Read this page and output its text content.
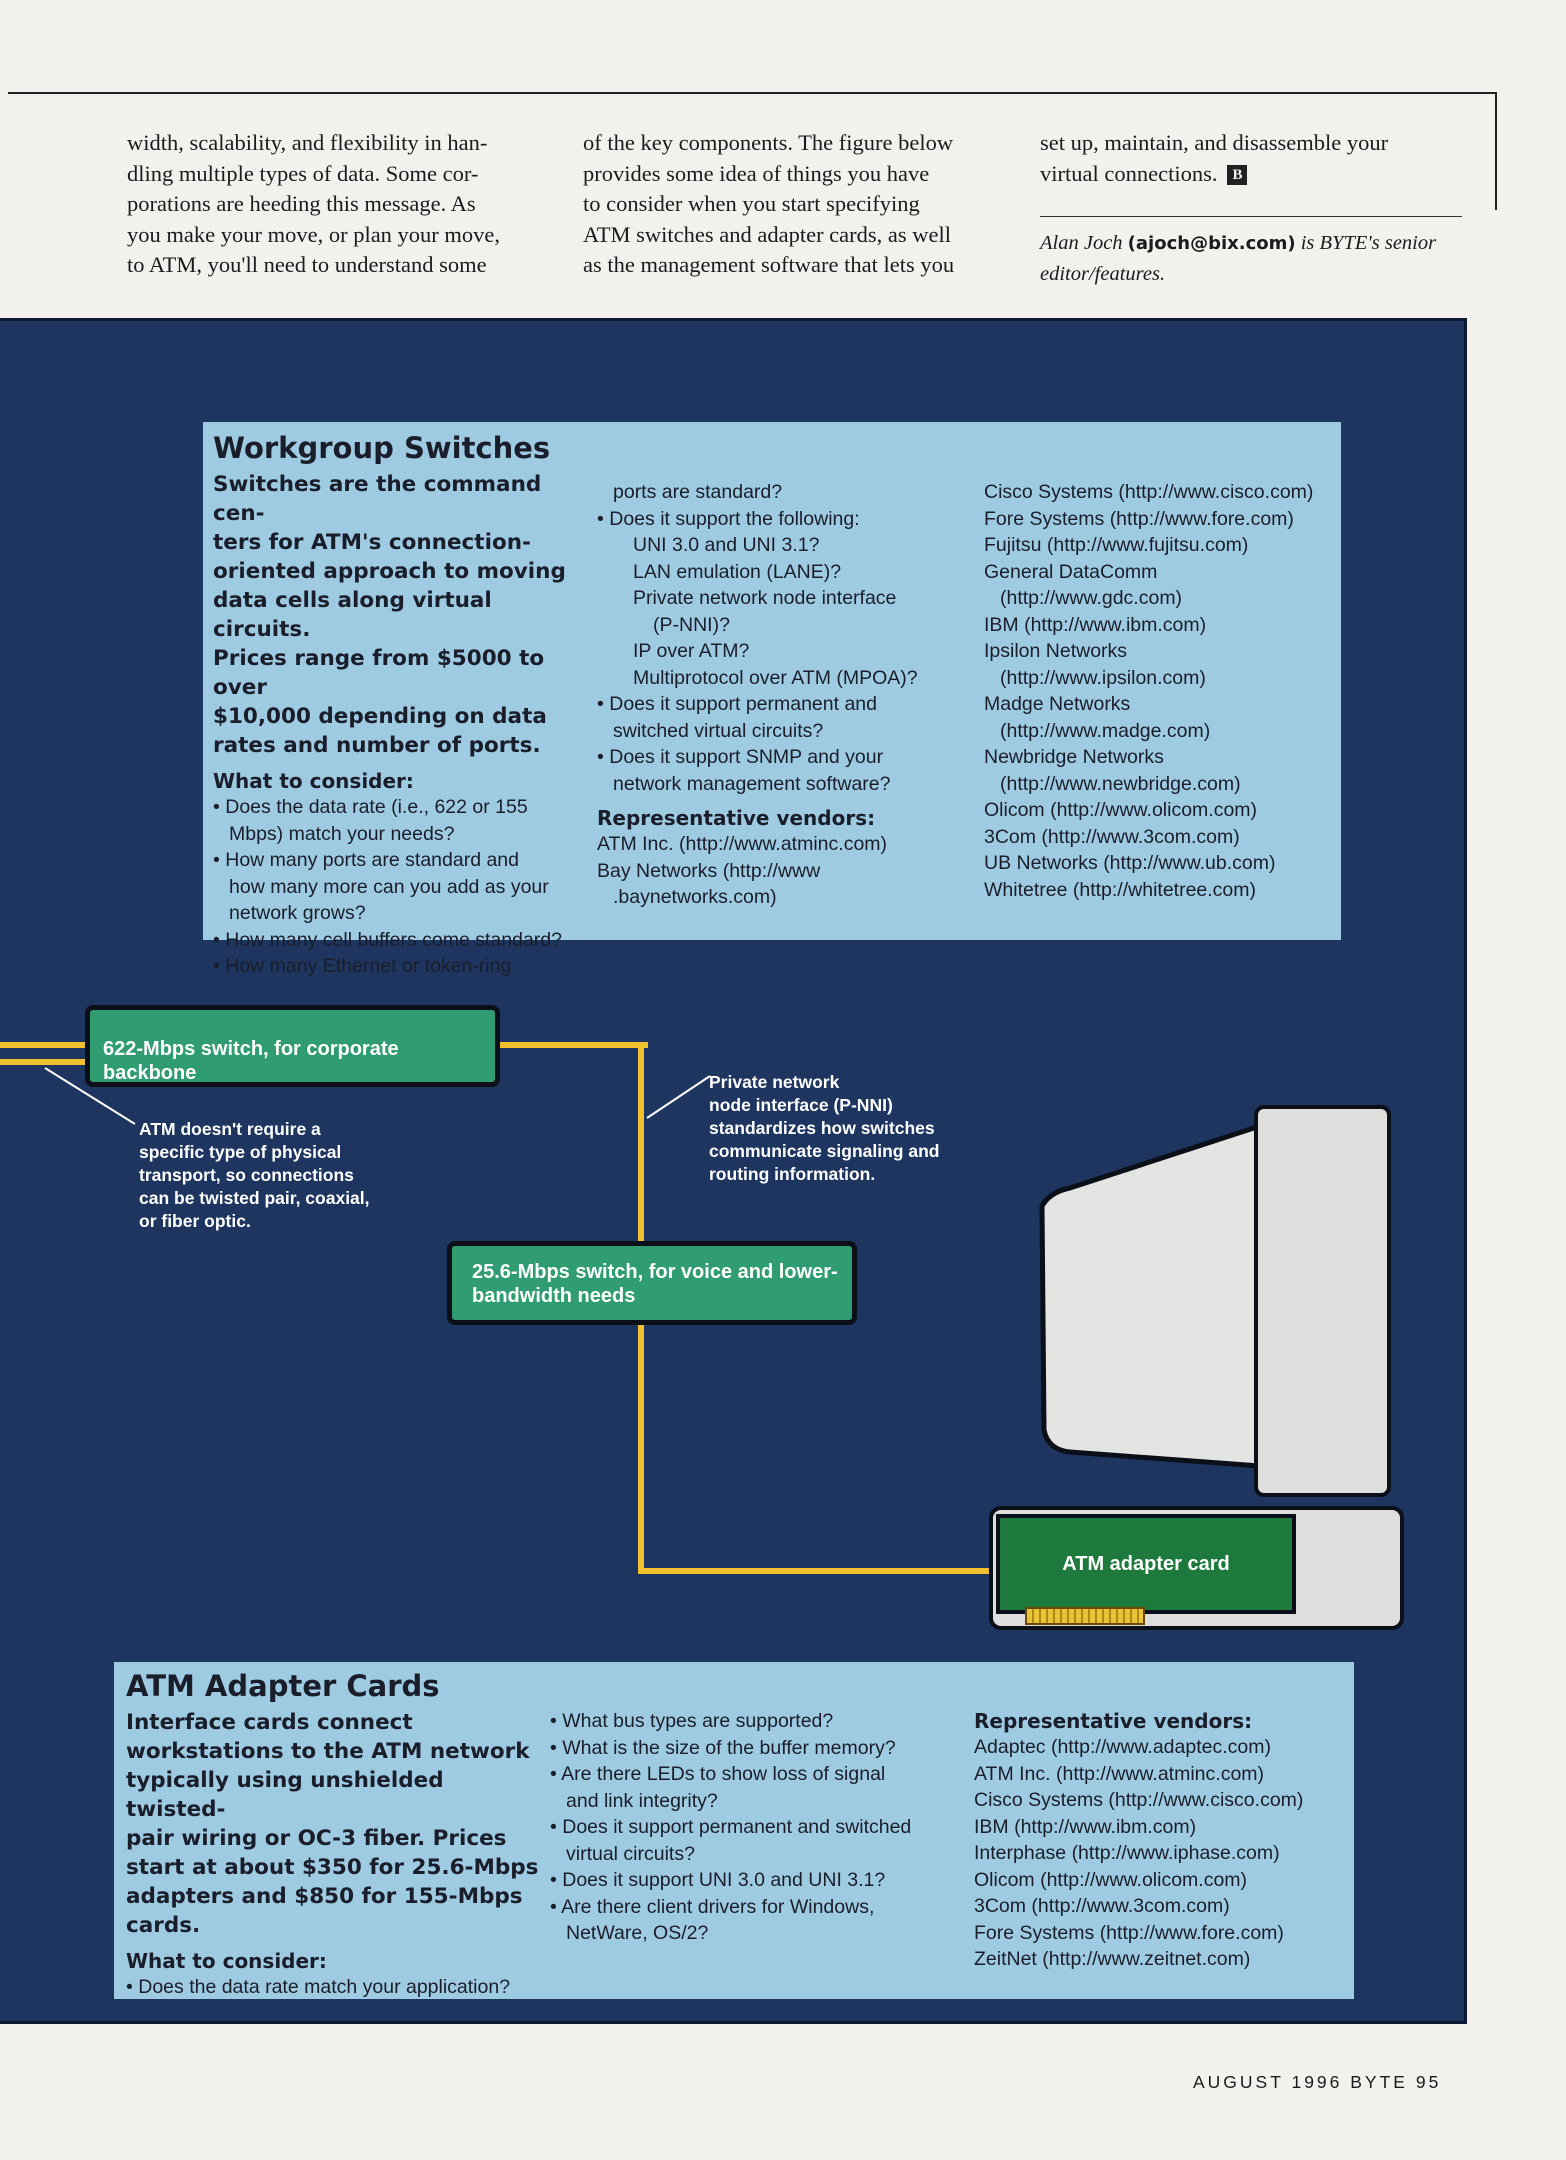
width, scalability, and flexibility in han-

dling multiple types of data. Some cor-

porations are heeding this message. As

you make your move, or plan your move,

to ATM, you'll need to understand some

of the key components. The figure below

provides some idea of things you have

to consider when you start specifying

ATM switches and adapter cards, as well

as the management software that lets you

set up, maintain, and disassemble your

virtual connections. B

Alan Joch (ajoch@bix.com) is BYTE's senior
editor/features.
Workgroup Switches
Switches are the command cen-
ters for ATM's connection-
oriented approach to moving
data cells along virtual circuits.
Prices range from $5000 to over
$10,000 depending on data
rates and number of ports.
What to consider:
• Does the data rate (i.e., 622 or 155
Mbps) match your needs?
• How many ports are standard and
how many more can you add as your
network grows?
• How many cell buffers come standard?
• How many Ethernet or token-ring
ports are standard?
• Does it support the following:
UNI 3.0 and UNI 3.1?
LAN emulation (LANE)?
Private network node interface
(P-NNI)?
IP over ATM?
Multiprotocol over ATM (MPOA)?
• Does it support permanent and
switched virtual circuits?
• Does it support SNMP and your
network management software?
Representative vendors:
ATM Inc. (http://www.atminc.com)
Bay Networks (http://www
.baynetworks.com)
Cisco Systems (http://www.cisco.com)
Fore Systems (http://www.fore.com)
Fujitsu (http://www.fujitsu.com)
General DataComm
(http://www.gdc.com)
IBM (http://www.ibm.com)
Ipsilon Networks
(http://www.ipsilon.com)
Madge Networks
(http://www.madge.com)
Newbridge Networks
(http://www.newbridge.com)
Olicom (http://www.olicom.com)
3Com (http://www.3com.com)
UB Networks (http://www.ub.com)
Whitetree (http://whitetree.com)
622-Mbps switch, for corporate backbone
ATM doesn't require a
specific type of physical
transport, so connections
can be twisted pair, coaxial,
or fiber optic.
Private network
node interface (P-NNI)
standardizes how switches
communicate signaling and
routing information.
25.6-Mbps switch, for voice and lower-
bandwidth needs
ATM adapter card
ATM Adapter Cards
Interface cards connect
workstations to the ATM network
typically using unshielded twisted-
pair wiring or OC-3 fiber. Prices
start at about $350 for 25.6-Mbps
adapters and $850 for 155-Mbps
cards.
What to consider:
• Does the data rate match your application?
• What bus types are supported?
• What is the size of the buffer memory?
• Are there LEDs to show loss of signal
and link integrity?
• Does it support permanent and switched
virtual circuits?
• Does it support UNI 3.0 and UNI 3.1?
• Are there client drivers for Windows,
NetWare, OS/2?
Representative vendors:
Adaptec (http://www.adaptec.com)
ATM Inc. (http://www.atminc.com)
Cisco Systems (http://www.cisco.com)
IBM (http://www.ibm.com)
Interphase (http://www.iphase.com)
Olicom (http://www.olicom.com)
3Com (http://www.3com.com)
Fore Systems (http://www.fore.com)
ZeitNet (http://www.zeitnet.com)
AUGUST 1996 BYTE 95
